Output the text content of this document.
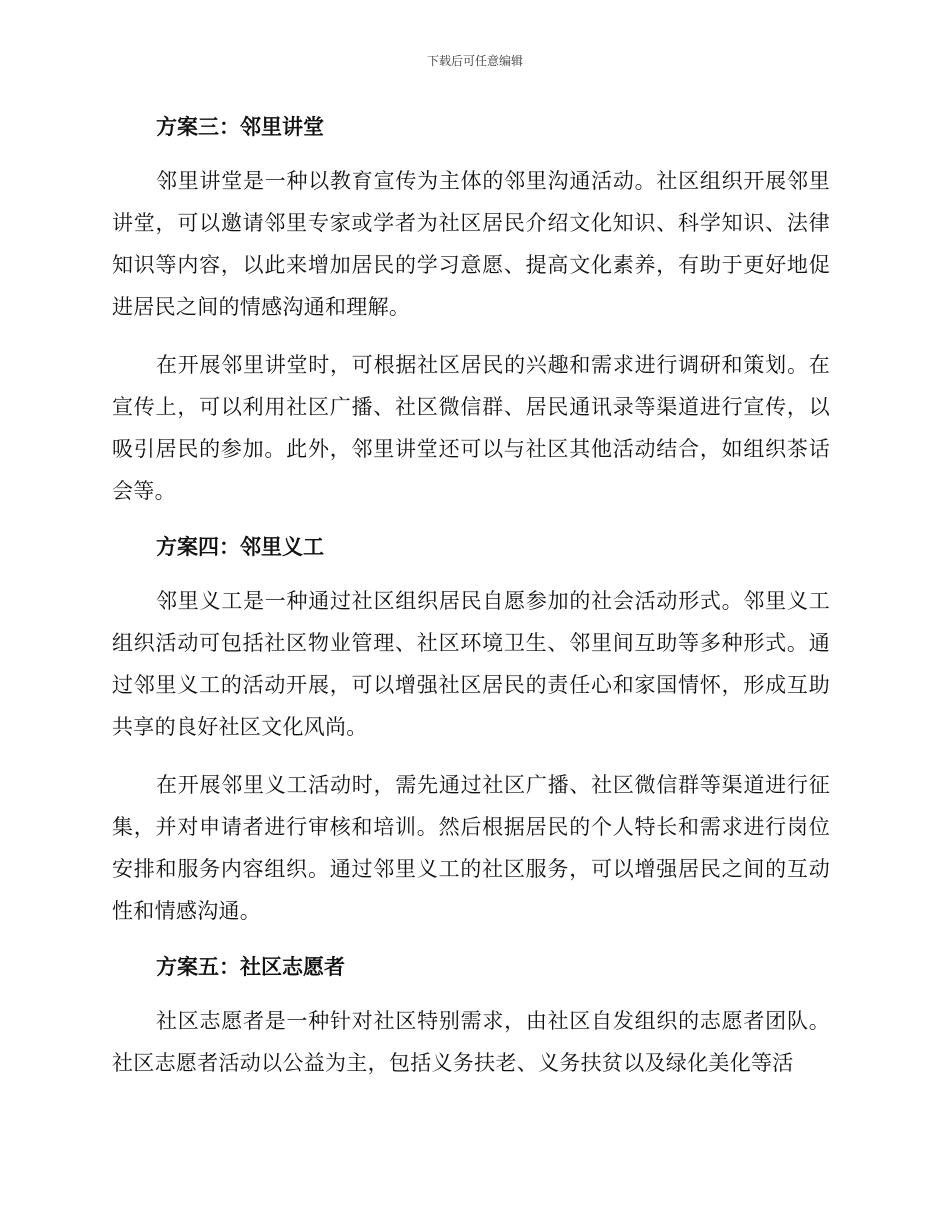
下载后可任意编辑
方案三：邻里讲堂

邻里讲堂是一种以教育宣传为主体的邻里沟通活动。社区组织开展邻里讲堂，可以邀请邻里专家或学者为社区居民介绍文化知识、科学知识、法律知识等内容，以此来增加居民的学习意愿、提高文化素养，有助于更好地促进居民之间的情感沟通和理解。

在开展邻里讲堂时，可根据社区居民的兴趣和需求进行调研和策划。在宣传上，可以利用社区广播、社区微信群、居民通讯录等渠道进行宣传，以吸引居民的参加。此外，邻里讲堂还可以与社区其他活动结合，如组织茶话会等。

方案四：邻里义工

邻里义工是一种通过社区组织居民自愿参加的社会活动形式。邻里义工组织活动可包括社区物业管理、社区环境卫生、邻里间互助等多种形式。通过邻里义工的活动开展，可以增强社区居民的责任心和家国情怀，形成互助共享的良好社区文化风尚。

在开展邻里义工活动时，需先通过社区广播、社区微信群等渠道进行征集，并对申请者进行审核和培训。然后根据居民的个人特长和需求进行岗位安排和服务内容组织。通过邻里义工的社区服务，可以增强居民之间的互动性和情感沟通。

方案五：社区志愿者

社区志愿者是一种针对社区特别需求，由社区自发组织的志愿者团队。社区志愿者活动以公益为主，包括义务扶老、义务扶贫以及绿化美化等活
